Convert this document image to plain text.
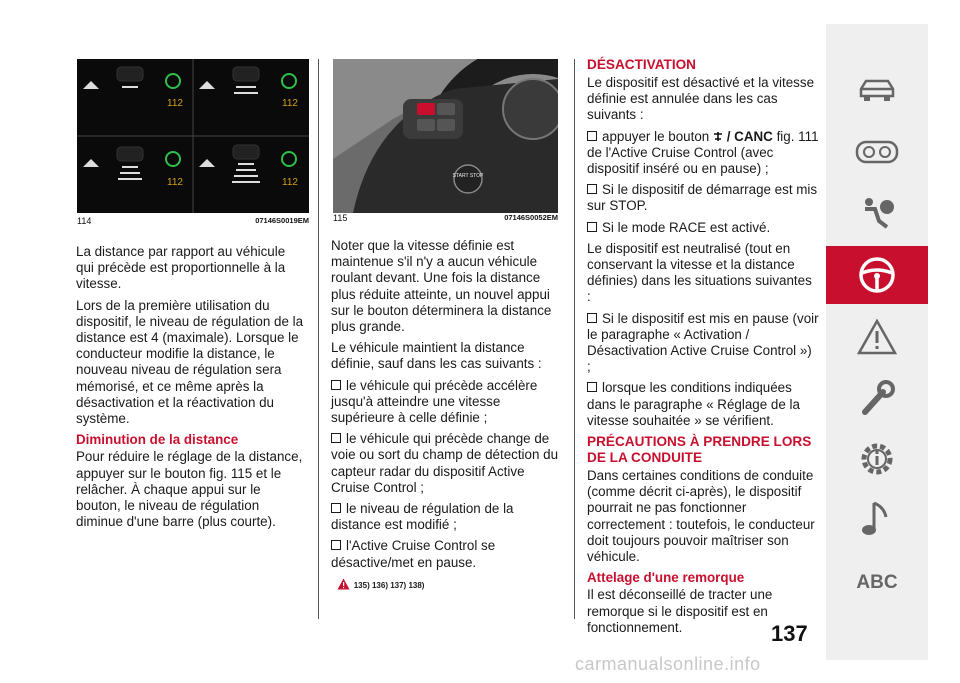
112	112
112	112
114	07146S0019EM
START STOP
115	07146S0052EM

La distance par rapport au véhicule qui précède est proportionnelle à la vitesse.

Lors de la première utilisation du dispositif, le niveau de régulation de la distance est 4 (maximale). Lorsque le conducteur modifie la distance, le nouveau niveau de régulation sera mémorisé, et ce même après la désactivation et la réactivation du système.

Diminution de la distance

Pour réduire le réglage de la distance, appuyer sur le bouton fig. 115 et le relâcher. À chaque appui sur le bouton, le niveau de régulation diminue d'une barre (plus courte).

Noter que la vitesse définie est maintenue s'il n'y a aucun véhicule roulant devant. Une fois la distance plus réduite atteinte, un nouvel appui sur le bouton déterminera la distance plus grande.

Le véhicule maintient la distance définie, sauf dans les cas suivants :

le véhicule qui précède accélère jusqu'à atteindre une vitesse supérieure à celle définie ;

le véhicule qui précède change de voie ou sort du champ de détection du capteur radar du dispositif Active Cruise Control ;

le niveau de régulation de la distance est modifié ;

l'Active Cruise Control se désactive/met en pause.

135) 136) 137) 138)
DÉSACTIVATION

Le dispositif est désactivé et la vitesse définie est annulée dans les cas suivants :

appuyer le bouton / CANC fig. 111 de l'Active Cruise Control (avec dispositif inséré ou en pause) ;

Si le dispositif de démarrage est mis sur STOP.

Si le mode RACE est activé.

Le dispositif est neutralisé (tout en conservant la vitesse et la distance définies) dans les situations suivantes :

Si le dispositif est mis en pause (voir le paragraphe « Activation / Désactivation Active Cruise Control ») ;

lorsque les conditions indiquées dans le paragraphe « Réglage de la vitesse souhaitée » se vérifient.

PRÉCAUTIONS À PRENDRE LORS DE LA CONDUITE

Dans certaines conditions de conduite (comme décrit ci-après), le dispositif pourrait ne pas fonctionner correctement : toutefois, le conducteur doit toujours pouvoir maîtriser son véhicule.

Attelage d'une remorque

Il est déconseillé de tracter une remorque si le dispositif est en fonctionnement.

ABC
137
carmanualsonline.info
